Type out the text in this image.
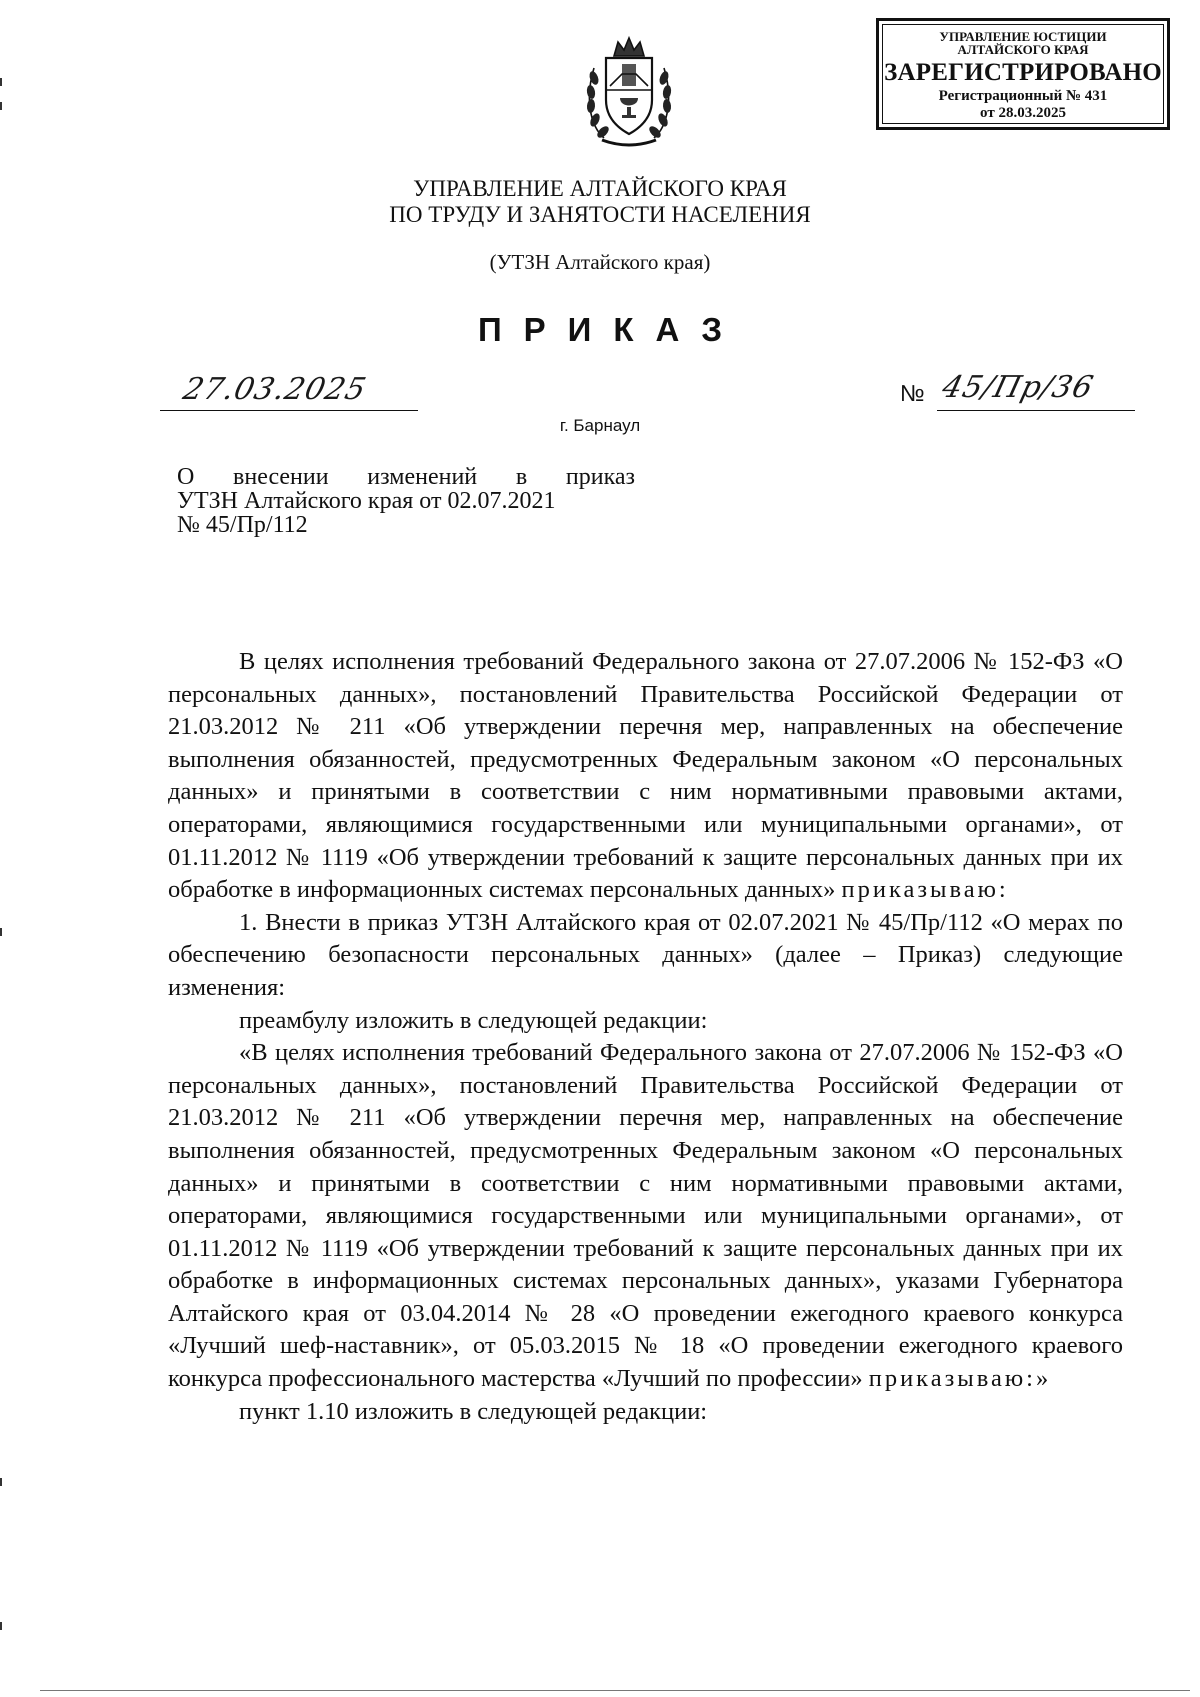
УПРАВЛЕНИЕ ЮСТИЦИИ
АЛТАЙСКОГО КРАЯ
ЗАРЕГИСТРИРОВАНО
Регистрационный № 431
от 28.03.2025
УПРАВЛЕНИЕ АЛТАЙСКОГО КРАЯ
ПО ТРУДУ И ЗАНЯТОСТИ НАСЕЛЕНИЯ
(УТЗН Алтайского края)
ПРИКАЗ
27.03.2025	№ 45/Пр/36
г. Барнаул
О внесении изменений в приказ
УТЗН Алтайского края от 02.07.2021
№ 45/Пр/112

В целях исполнения требований Федерального закона от 27.07.2006 № 152-ФЗ «О персональных данных», постановлений Правительства Российской Федерации от 21.03.2012 № 211 «Об утверждении перечня мер, направленных на обеспечение выполнения обязанностей, предусмотренных Федеральным законом «О персональных данных» и принятыми в соответствии с ним нормативными правовыми актами, операторами, являющимися государственными или муниципальными органами», от 01.11.2012 № 1119 «Об утверждении требований к защите персональных данных при их обработке в информационных системах персональных данных» приказываю:

1. Внести в приказ УТЗН Алтайского края от 02.07.2021 № 45/Пр/112 «О мерах по обеспечению безопасности персональных данных» (далее – Приказ) следующие изменения:

преамбулу изложить в следующей редакции:

«В целях исполнения требований Федерального закона от 27.07.2006 № 152-ФЗ «О персональных данных», постановлений Правительства Российской Федерации от 21.03.2012 № 211 «Об утверждении перечня мер, направленных на обеспечение выполнения обязанностей, предусмотренных Федеральным законом «О персональных данных» и принятыми в соответствии с ним нормативными правовыми актами, операторами, являющимися государственными или муниципальными органами», от 01.11.2012 № 1119 «Об утверждении требований к защите персональных данных при их обработке в информационных системах персональных данных», указами Губернатора Алтайского края от 03.04.2014 № 28 «О проведении ежегодного краевого конкурса «Лучший шеф-наставник», от 05.03.2015 № 18 «О проведении ежегодного краевого конкурса профессионального мастерства «Лучший по профессии» приказываю:»

пункт 1.10 изложить в следующей редакции:
